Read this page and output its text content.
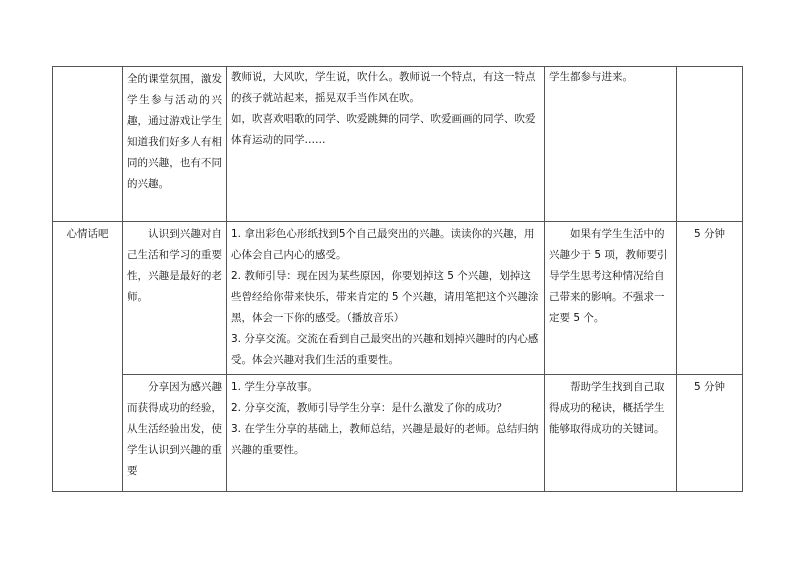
	全的课堂氛围，激发学生参与活动的兴趣，通过游戏让学生知道我们好多人有相同的兴趣，也有不同的兴趣。	教师说，大风吹，学生说，吹什么。教师说一个特点，有这一特点的孩子就站起来，摇晃双手当作风在吹。

如，吹喜欢唱歌的同学、吹爱跳舞的同学、吹爱画画的同学、吹爱体育运动的同学……	学生都参与进来。	
心情话吧	认识到兴趣对自己生活和学习的重要性，兴趣是最好的老师。	1. 拿出彩色心形纸找到5个自己最突出的兴趣。读读你的兴趣，用心体会自己内心的感受。

2. 教师引导：现在因为某些原因，你要划掉这 5 个兴趣，划掉这些曾经给你带来快乐，带来肯定的 5 个兴趣，请用笔把这个兴趣涂黑，体会一下你的感受。（播放音乐）

3. 分享交流。交流在看到自己最突出的兴趣和划掉兴趣时的内心感受。体会兴趣对我们生活的重要性。	如果有学生生活中的兴趣少于 5 项，教师要引导学生思考这种情况给自己带来的影响。不强求一定要 5 个。	5 分钟
	分享因为感兴趣而获得成功的经验，从生活经验出发，使学生认识到兴趣的重要	1. 学生分享故事。

2. 分享交流，教师引导学生分享：是什么激发了你的成功？

3. 在学生分享的基础上，教师总结，兴趣是最好的老师。总结归纳兴趣的重要性。	帮助学生找到自己取得成功的秘诀，概括学生能够取得成功的关键词。	5 分钟
